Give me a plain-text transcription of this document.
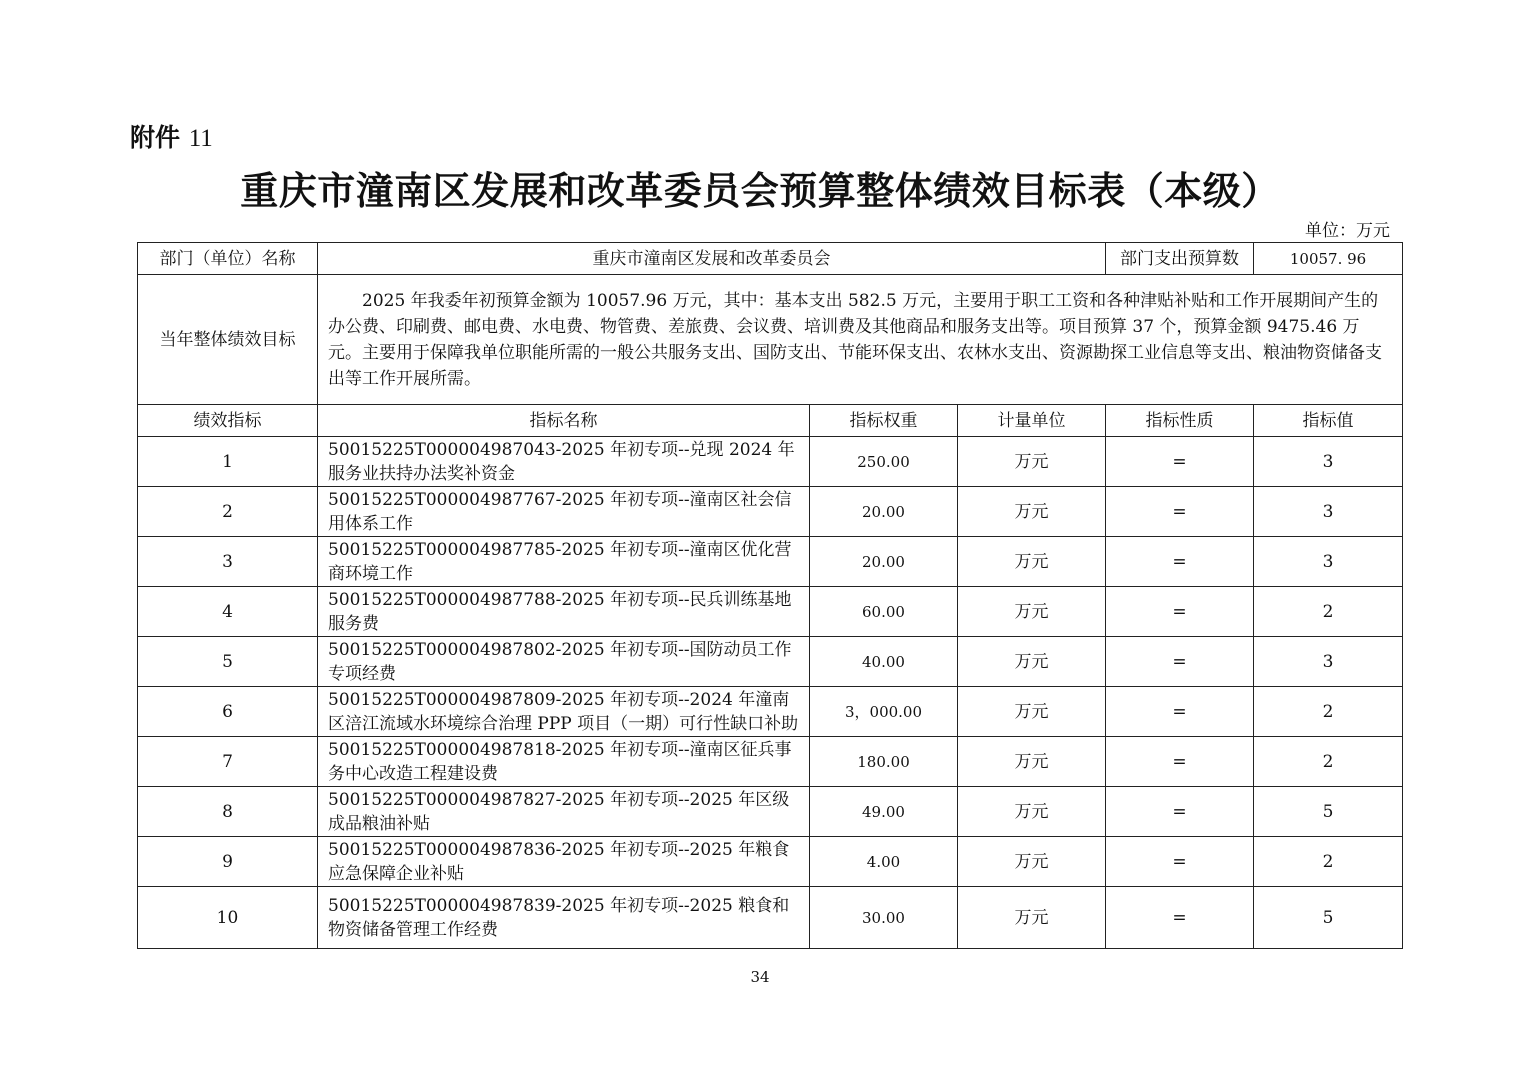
附件 11
重庆市潼南区发展和改革委员会预算整体绩效目标表（本级）
单位：万元
部门（单位）名称	重庆市潼南区发展和改革委员会			部门支出预算数	10057. 96
当年整体绩效目标	2025 年我委年初预算金额为 10057.96 万元，其中：基本支出 582.5 万元，主要用于职工工资和各种津贴补贴和工作开展期间产生的办公费、印刷费、邮电费、水电费、物管费、差旅费、会议费、培训费及其他商品和服务支出等。项目预算 37 个，预算金额 9475.46 万元。主要用于保障我单位职能所需的一般公共服务支出、国防支出、节能环保支出、农林水支出、资源勘探工业信息等支出、粮油物资储备支出等工作开展所需。				
绩效指标	指标名称	指标权重	计量单位	指标性质	指标值
1	50015225T000004987043-2025 年初专项--兑现 2024 年服务业扶持办法奖补资金	250.00	万元	=	3
2	50015225T000004987767-2025 年初专项--潼南区社会信用体系工作	20.00	万元	=	3
3	50015225T000004987785-2025 年初专项--潼南区优化营商环境工作	20.00	万元	=	3
4	50015225T000004987788-2025 年初专项--民兵训练基地服务费	60.00	万元	=	2
5	50015225T000004987802-2025 年初专项--国防动员工作专项经费	40.00	万元	=	3
6	50015225T000004987809-2025 年初专项--2024 年潼南区涪江流域水环境综合治理 PPP 项目（一期）可行性缺口补助	3，000.00	万元	=	2
7	50015225T000004987818-2025 年初专项--潼南区征兵事务中心改造工程建设费	180.00	万元	=	2
8	50015225T000004987827-2025 年初专项--2025 年区级成品粮油补贴	49.00	万元	=	5
9	50015225T000004987836-2025 年初专项--2025 年粮食应急保障企业补贴	4.00	万元	=	2
10	50015225T000004987839-2025 年初专项--2025 粮食和物资储备管理工作经费	30.00	万元	=	5
34
